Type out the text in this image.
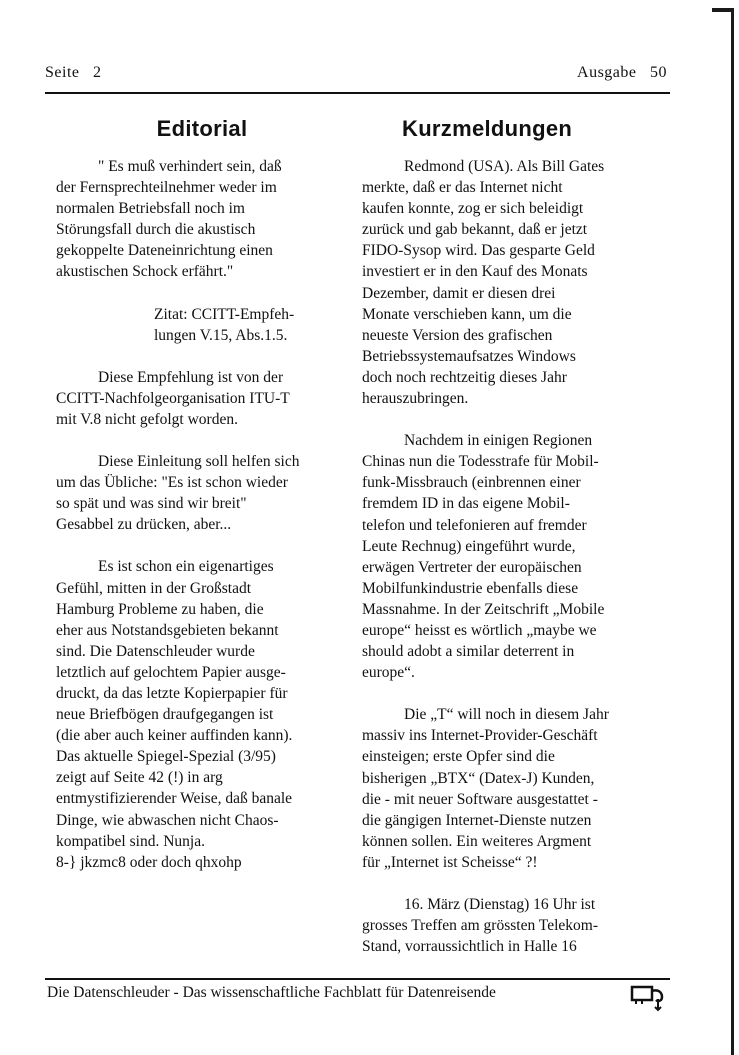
Seite 2	Ausgabe 50
Editorial
" Es muß verhindert sein, daß
der Fernsprechteilnehmer weder im
normalen Betriebsfall noch im
Störungsfall durch die akustisch
gekoppelte Dateneinrichtung einen
akustischen Schock erfährt."
Zitat: CCITT-Empfeh-
lungen V.15, Abs.1.5.
Diese Empfehlung ist von der
CCITT-Nachfolgeorganisation ITU-T
mit V.8 nicht gefolgt worden.
Diese Einleitung soll helfen sich
um das Übliche: "Es ist schon wieder
so spät und was sind wir breit"
Gesabbel zu drücken, aber...
Es ist schon ein eigenartiges
Gefühl, mitten in der Großstadt
Hamburg Probleme zu haben, die
eher aus Notstandsgebieten bekannt
sind. Die Datenschleuder wurde
letztlich auf gelochtem Papier ausge-
druckt, da das letzte Kopierpapier für
neue Briefbögen draufgegangen ist
(die aber auch keiner auffinden kann).
Das aktuelle Spiegel-Spezial (3/95)
zeigt auf Seite 42 (!) in arg
entmystifizierender Weise, daß banale
Dinge, wie abwaschen nicht Chaos-
kompatibel sind. Nunja.
8-} jkzmc8 oder doch qhxohp
Kurzmeldungen
Redmond (USA). Als Bill Gates
merkte, daß er das Internet nicht
kaufen konnte, zog er sich beleidigt
zurück und gab bekannt, daß er jetzt
FIDO-Sysop wird. Das gesparte Geld
investiert er in den Kauf des Monats
Dezember, damit er diesen drei
Monate verschieben kann, um die
neueste Version des grafischen
Betriebssystemaufsatzes Windows
doch noch rechtzeitig dieses Jahr
herauszubringen.
Nachdem in einigen Regionen
Chinas nun die Todesstrafe für Mobil-
funk-Missbrauch (einbrennen einer
fremdem ID in das eigene Mobil-
telefon und telefonieren auf fremder
Leute Rechnug) eingeführt wurde,
erwägen Vertreter der europäischen
Mobilfunkindustrie ebenfalls diese
Massnahme. In der Zeitschrift „Mobile
europe“ heisst es wörtlich „maybe we
should adobt a similar deterrent in
europe“.
Die „T“ will noch in diesem Jahr
massiv ins Internet-Provider-Geschäft
einsteigen; erste Opfer sind die
bisherigen „BTX“ (Datex-J) Kunden,
die - mit neuer Software ausgestattet -
die gängigen Internet-Dienste nutzen
können sollen. Ein weiteres Argment
für „Internet ist Scheisse“ ?!
16. März (Dienstag) 16 Uhr ist
grosses Treffen am grössten Telekom-
Stand, vorraussichtlich in Halle 16
Die Datenschleuder - Das wissenschaftliche Fachblatt für Datenreisende
